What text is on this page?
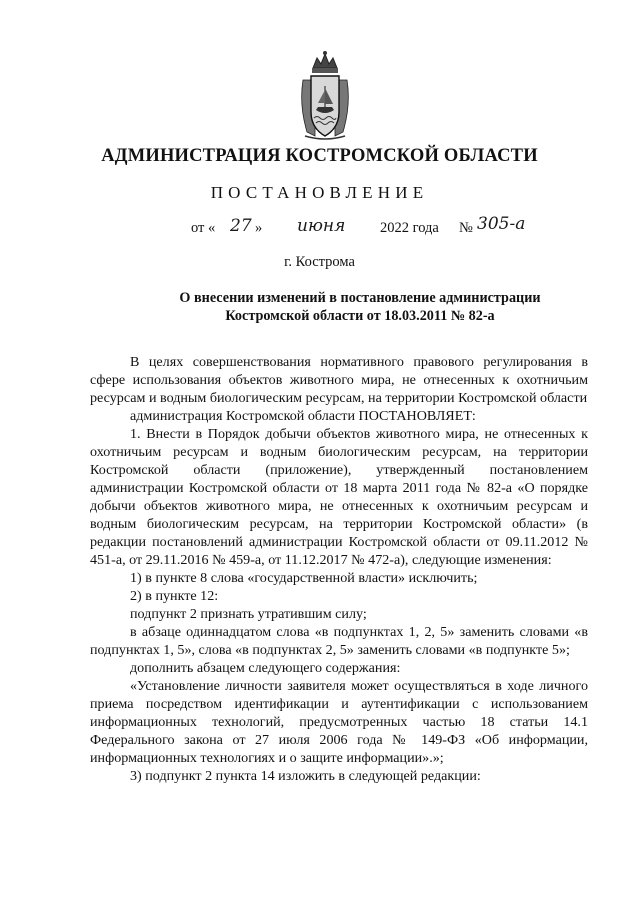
АДМИНИСТРАЦИЯ КОСТРОМСКОЙ ОБЛАСТИ
ПОСТАНОВЛЕНИЕ
от « 27 » июня 2022 года № 305-а
г. Кострома
О внесении изменений в постановление администрации
Костромской области от 18.03.2011 № 82-а

В целях совершенствования нормативного правового регулирования в сфере использования объектов животного мира, не отнесенных к охотничьим ресурсам и водным биологическим ресурсам, на территории Костромской области

администрация Костромской области ПОСТАНОВЛЯЕТ:

1. Внести в Порядок добычи объектов животного мира, не отнесенных к охотничьим ресурсам и водным биологическим ресурсам, на территории Костромской области (приложение), утвержденный постановлением администрации Костромской области от 18 марта 2011 года № 82-а «О порядке добычи объектов животного мира, не отнесенных к охотничьим ресурсам и водным биологическим ресурсам, на территории Костромской области» (в редакции постановлений администрации Костромской области от 09.11.2012 № 451-а, от 29.11.2016 № 459-а, от 11.12.2017 № 472-а), следующие изменения:

1) в пункте 8 слова «государственной власти» исключить;

2) в пункте 12:

подпункт 2 признать утратившим силу;

в абзаце одиннадцатом слова «в подпунктах 1, 2, 5» заменить словами «в подпунктах 1, 5», слова «в подпунктах 2, 5» заменить словами «в подпункте 5»;

дополнить абзацем следующего содержания:

«Установление личности заявителя может осуществляться в ходе личного приема посредством идентификации и аутентификации с использованием информационных технологий, предусмотренных частью 18 статьи 14.1 Федерального закона от 27 июля 2006 года № 149-ФЗ «Об информации, информационных технологиях и о защите информации».»;

3) подпункт 2 пункта 14 изложить в следующей редакции:
